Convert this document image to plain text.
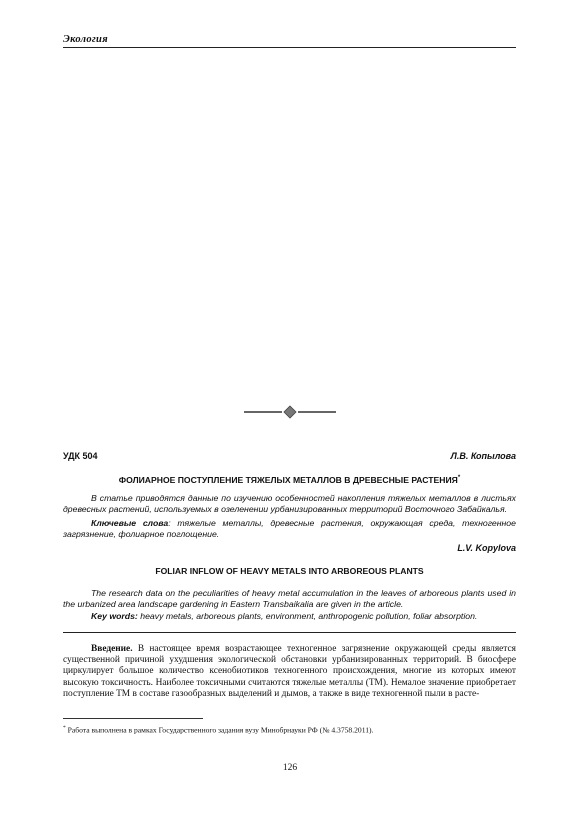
Экология
УДК 504	Л.В. Копылова
ФОЛИАРНОЕ ПОСТУПЛЕНИЕ ТЯЖЕЛЫХ МЕТАЛЛОВ В ДРЕВЕСНЫЕ РАСТЕНИЯ*
В статье приводятся данные по изучению особенностей накопления тяжелых металлов в листьях древесных растений, используемых в озеленении урбанизированных территорий Восточного Забайкалья.
Ключевые слова: тяжелые металлы, древесные растения, окружающая среда, техногенное загрязнение, фолиарное поглощение.
L.V. Kopylova
FOLIAR INFLOW OF HEAVY METALS INTO ARBOREOUS PLANTS
The research data on the peculiarities of heavy metal accumulation in the leaves of arboreous plants used in the urbanized area landscape gardening in Eastern Transbaikalia are given in the article.
Key words: heavy metals, arboreous plants, environment, anthropogenic pollution, foliar absorption.
Введение. В настоящее время возрастающее техногенное загрязнение окружающей среды является существенной причиной ухудшения экологической обстановки урбанизированных территорий. В биосфере циркулирует большое количество ксенобиотиков техногенного происхождения, многие из которых имеют высокую токсичность. Наиболее токсичными считаются тяжелые металлы (ТМ). Немалое значение приобретает поступление ТМ в составе газообразных выделений и дымов, а также в виде техногенной пыли в расте-
* Работа выполнена в рамках Государственного задания вузу Минобрнауки РФ (№ 4.3758.2011).
126
